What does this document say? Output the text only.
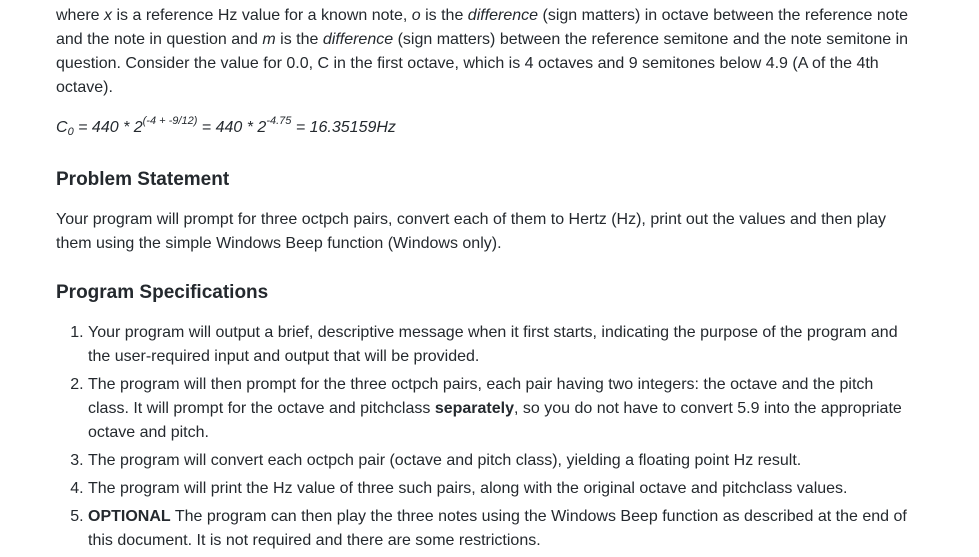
where x is a reference Hz value for a known note, o is the difference (sign matters) in octave between the reference note and the note in question and m is the difference (sign matters) between the reference semitone and the note semitone in question. Consider the value for 0.0, C in the first octave, which is 4 octaves and 9 semitones below 4.9 (A of the 4th octave).

$C_0 = 440 * 2^{(-4 + -9/12)} = 440 * 2^{-4.75} = 16.35159Hz$

Problem Statement

Your program will prompt for three octpch pairs, convert each of them to Hertz (Hz), print out the values and then play them using the simple Windows Beep function (Windows only).

Program Specifications
1. Your program will output a brief, descriptive message when it first starts, indicating the purpose of the program and the user-required input and output that will be provided.
2. The program will then prompt for the three octpch pairs, each pair having two integers: the octave and the pitch class. It will prompt for the octave and pitchclass separately, so you do not have to convert 5.9 into the appropriate octave and pitch.
3. The program will convert each octpch pair (octave and pitch class), yielding a floating point Hz result.
4. The program will print the Hz value of three such pairs, along with the original octave and pitchclass values.
5. OPTIONAL The program can then play the three notes using the Windows Beep function as described at the end of this document. It is not required and there are some restrictions.
